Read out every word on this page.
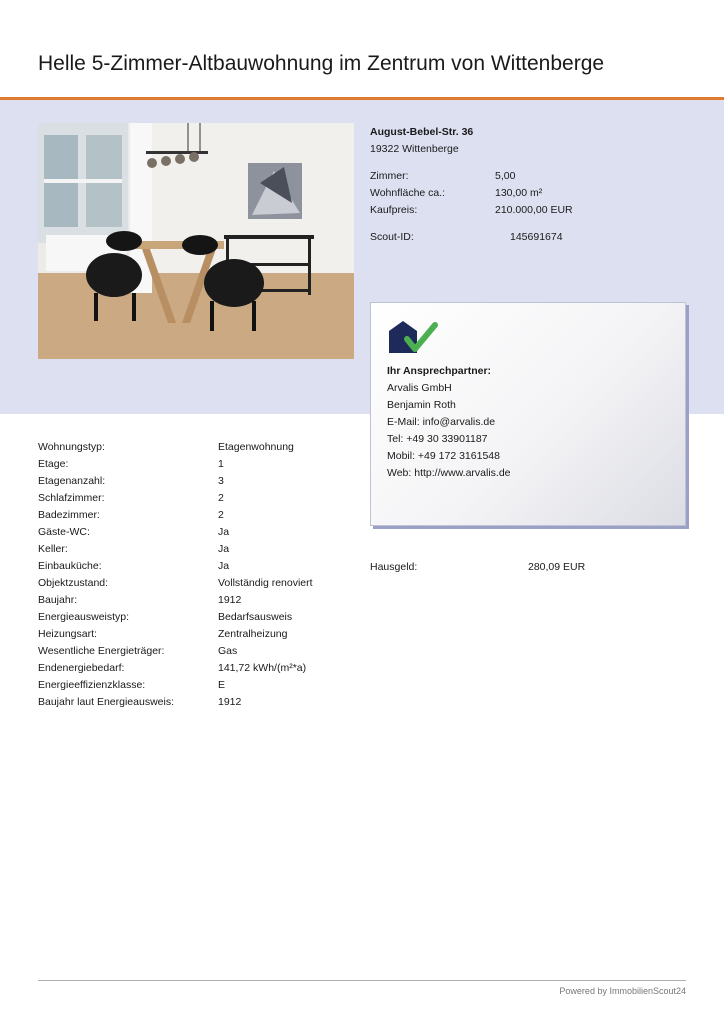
Helle 5-Zimmer-Altbauwohnung im Zentrum von Wittenberge
August-Bebel-Str. 36
19322 Wittenberge
Zimmer:	5,00
Wohnfläche ca.:	130,00 m²
Kaufpreis:	210.000,00 EUR
Scout-ID:	145691674
Ihr Ansprechpartner:
Arvalis GmbH
Benjamin Roth
E-Mail: info@arvalis.de
Tel: +49 30 33901187
Mobil: +49 172 3161548
Web: http://www.arvalis.de
Wohnungstyp:	Etagenwohnung
Etage:	1
Etagenanzahl:	3
Schlafzimmer:	2
Badezimmer:	2
Gäste-WC:	Ja
Keller:	Ja
Einbauküche:	Ja
Objektzustand:	Vollständig renoviert
Baujahr:	1912
Energieausweistyp:	Bedarfsausweis
Heizungsart:	Zentralheizung
Wesentliche Energieträger:	Gas
Endenergiebedarf:	141,72 kWh/(m²*a)
Energieeffizienzklasse:	E
Baujahr laut Energieausweis:	1912
Hausgeld:	280,09 EUR
Powered by ImmobilienScout24
